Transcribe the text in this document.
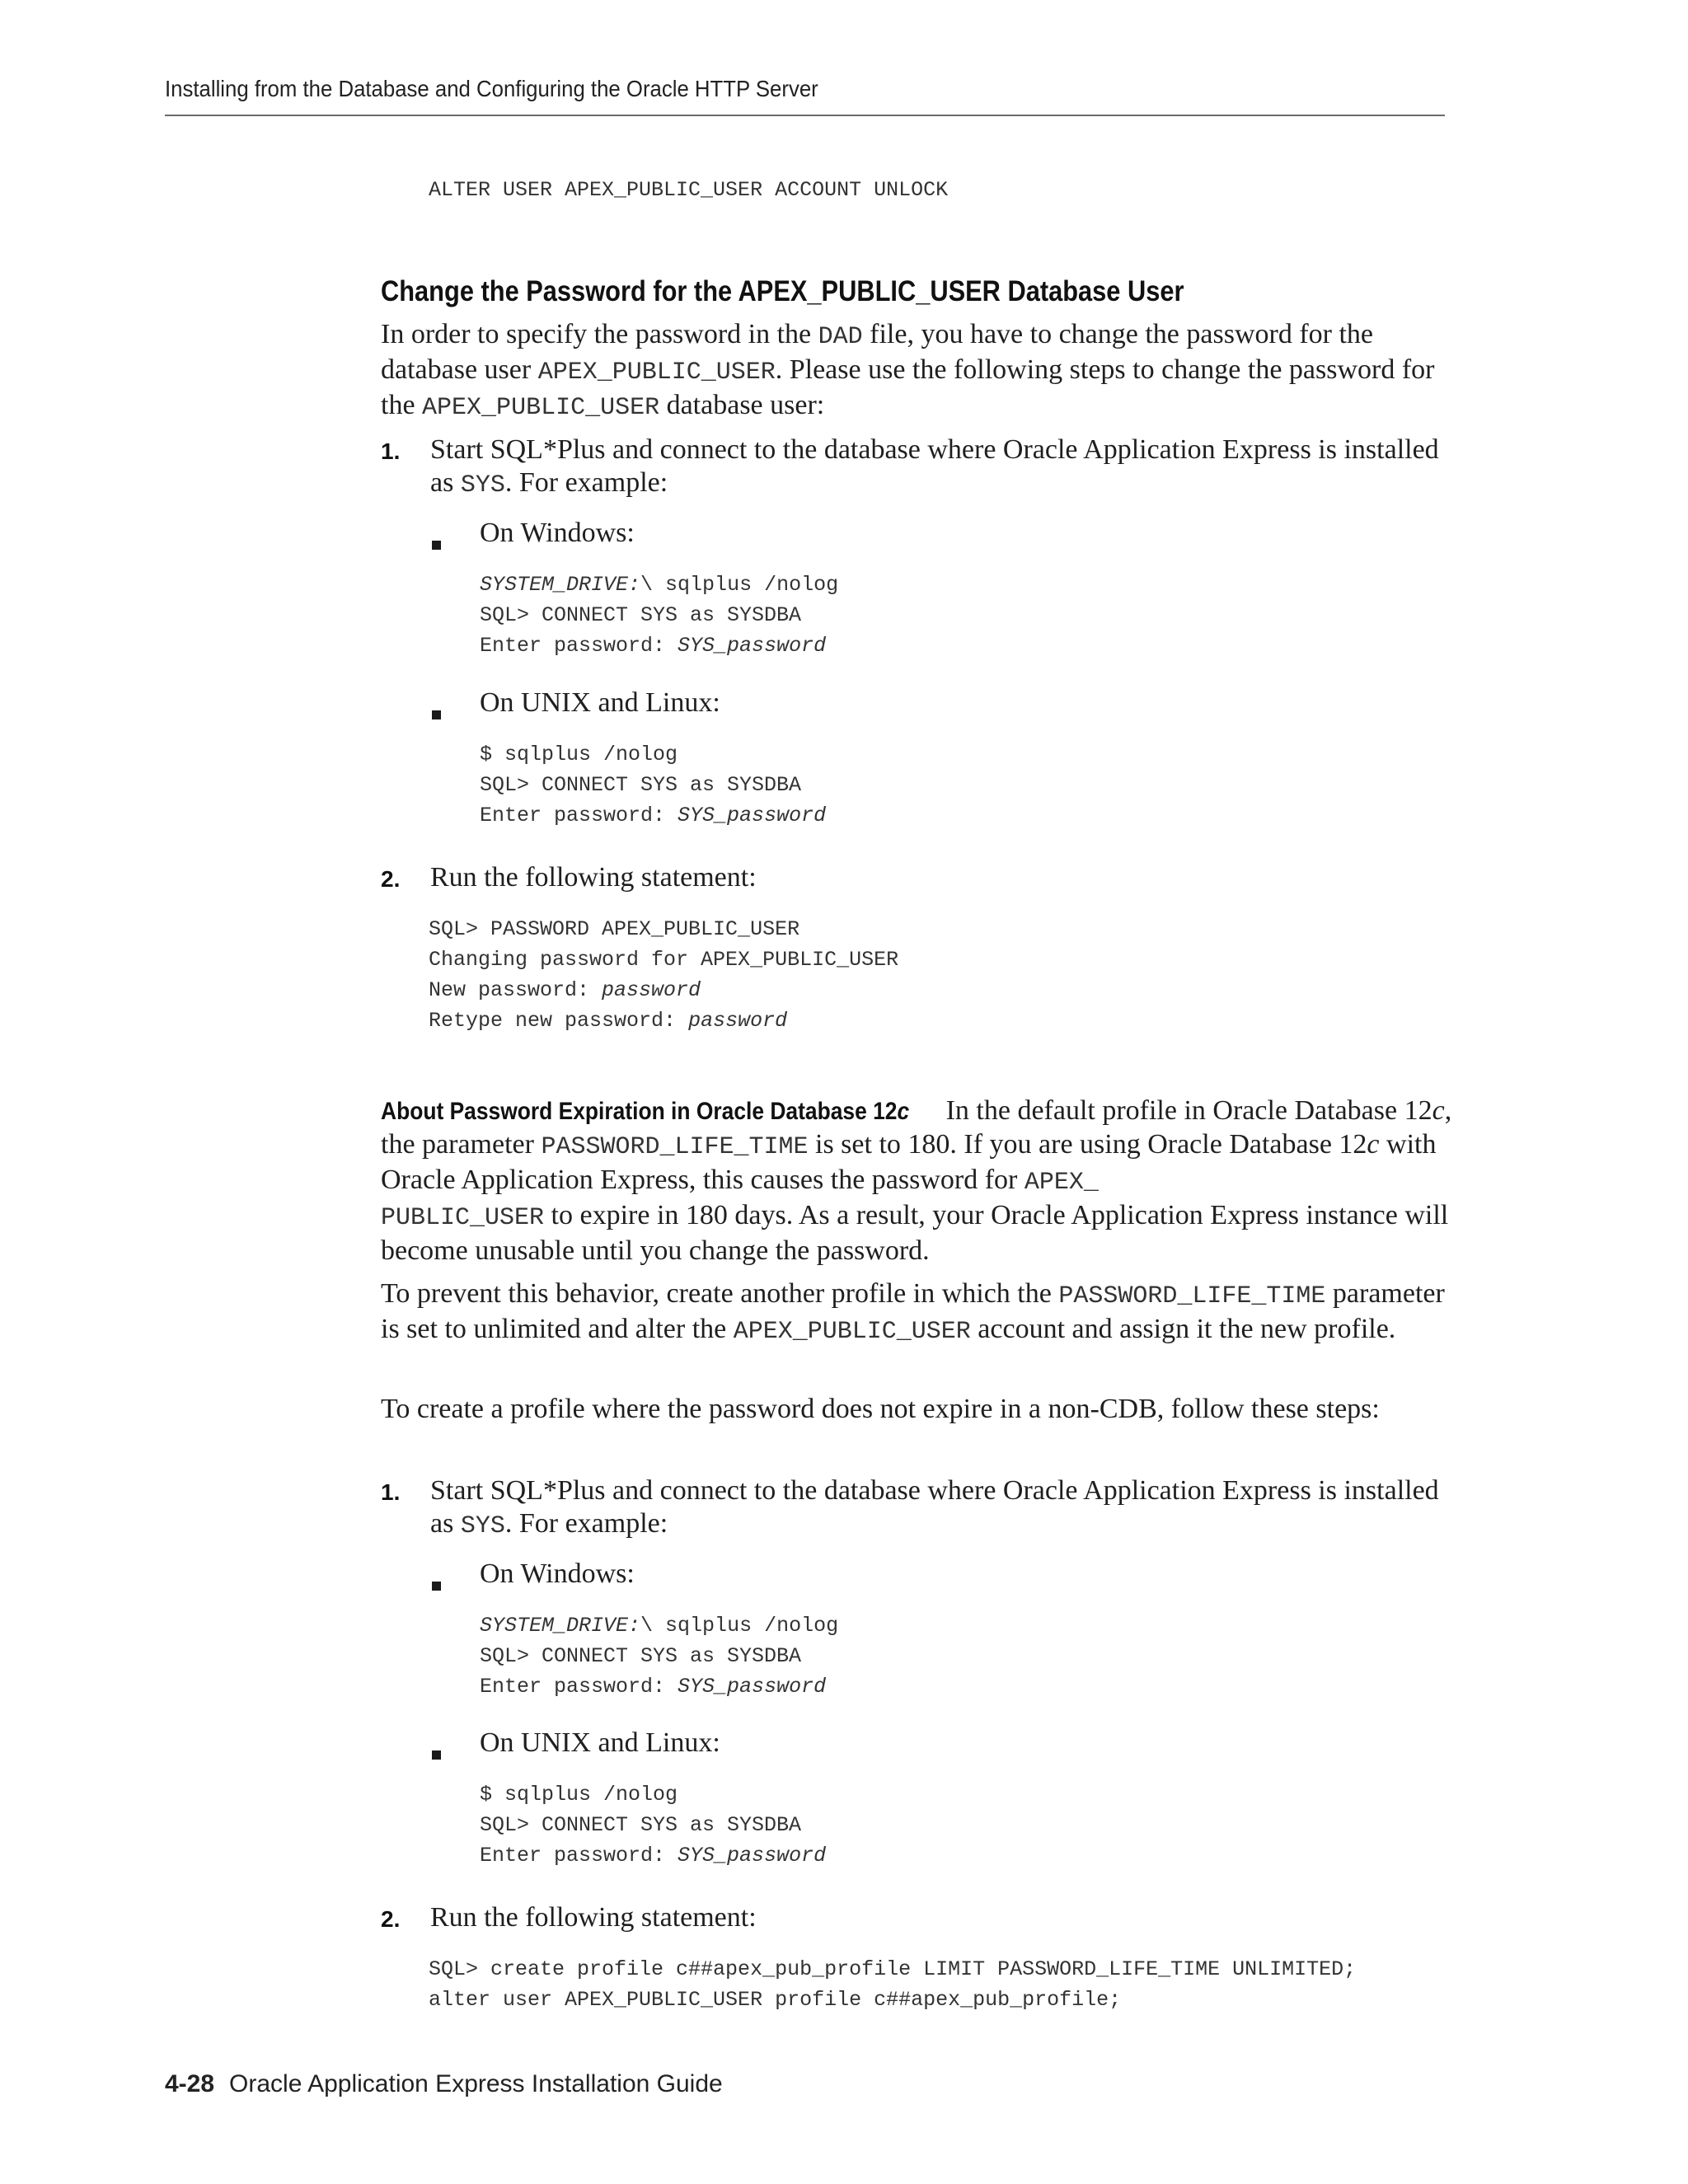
Installing from the Database and Configuring the Oracle HTTP Server
ALTER USER APEX_PUBLIC_USER ACCOUNT UNLOCK
Change the Password for the APEX_PUBLIC_USER Database User
In order to specify the password in the DAD file, you have to change the password for the database user APEX_PUBLIC_USER. Please use the following steps to change the password for the APEX_PUBLIC_USER database user:
1. Start SQL*Plus and connect to the database where Oracle Application Express is installed as SYS. For example:
On Windows:
SYSTEM_DRIVE:\ sqlplus /nolog
SQL> CONNECT SYS as SYSDBA
Enter password: SYS_password
On UNIX and Linux:
$ sqlplus /nolog
SQL> CONNECT SYS as SYSDBA
Enter password: SYS_password
2. Run the following statement:
SQL> PASSWORD APEX_PUBLIC_USER
Changing password for APEX_PUBLIC_USER
New password: password
Retype new password: password
About Password Expiration in Oracle Database 12c In the default profile in Oracle Database 12c, the parameter PASSWORD_LIFE_TIME is set to 180. If you are using Oracle Database 12c with Oracle Application Express, this causes the password for APEX_
PUBLIC_USER to expire in 180 days. As a result, your Oracle Application Express instance will become unusable until you change the password.
To prevent this behavior, create another profile in which the PASSWORD_LIFE_TIME parameter is set to unlimited and alter the APEX_PUBLIC_USER account and assign it the new profile.
To create a profile where the password does not expire in a non-CDB, follow these steps:
1. Start SQL*Plus and connect to the database where Oracle Application Express is installed as SYS. For example:
On Windows:
SYSTEM_DRIVE:\ sqlplus /nolog
SQL> CONNECT SYS as SYSDBA
Enter password: SYS_password
On UNIX and Linux:
$ sqlplus /nolog
SQL> CONNECT SYS as SYSDBA
Enter password: SYS_password
2. Run the following statement:
SQL> create profile c##apex_pub_profile LIMIT PASSWORD_LIFE_TIME UNLIMITED;
alter user APEX_PUBLIC_USER profile c##apex_pub_profile;
4-28 Oracle Application Express Installation Guide
